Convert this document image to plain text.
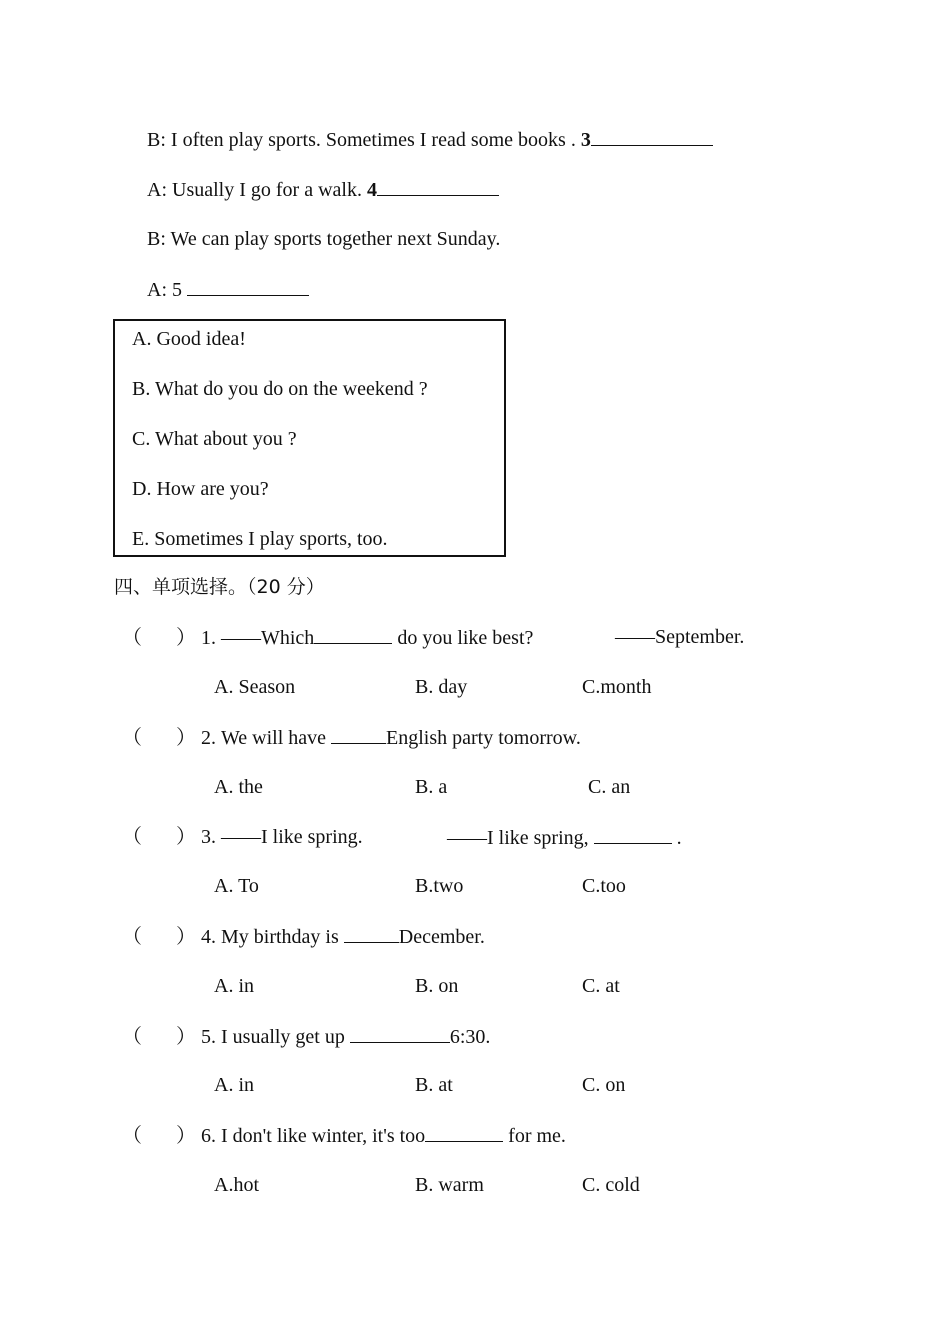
B: I often play sports. Sometimes I read some books . 3
A: Usually I go for a walk. 4
B: We can play sports together next Sunday.
A: 5
A. Good idea!
B. What do you do on the weekend ?
C. What about you ?
D. How are you?
E. Sometimes I play sports, too.
四、单项选择。（20 分）
（ ） 1. ——Which	do you like best?	——September.
A. Season	B. day	C.month
（ ） 2. We will have	English party tomorrow.
A. the	B. a	C. an
（ ） 3. ——I like spring.	——I like spring,	.
A. To	B.two	C.too
（ ） 4. My birthday is	December.
A. in	B. on	C. at
（ ） 5. I usually get up	6:30.
A. in	B. at	C. on
（ ） 6. I don't like winter, it's too	for me.
A.hot	B. warm	C. cold
